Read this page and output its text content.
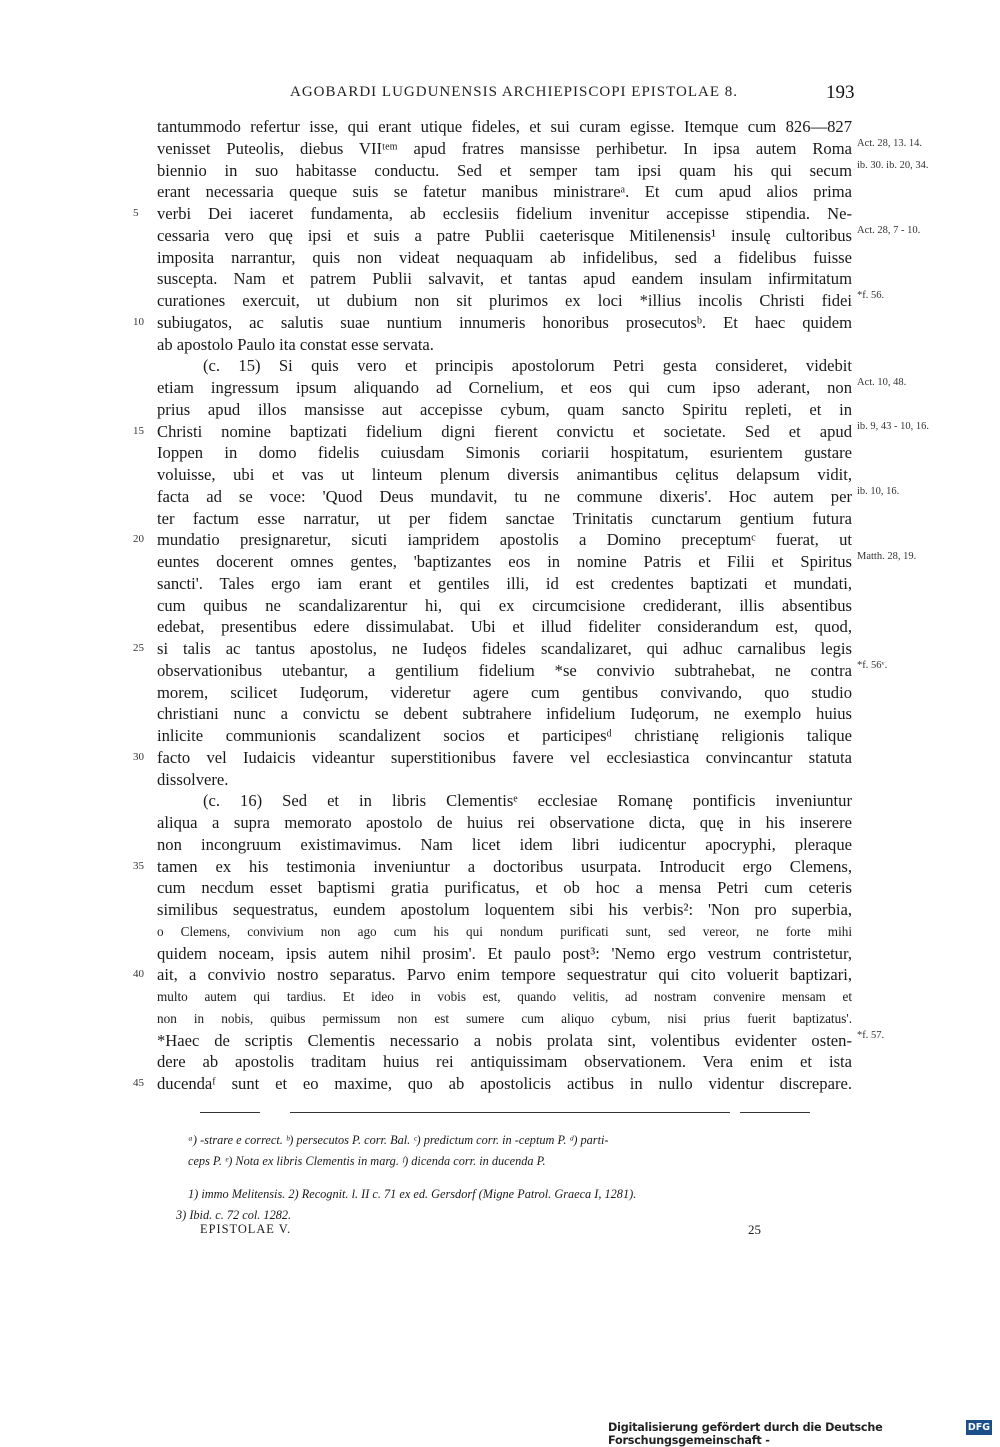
AGOBARDI LUGDUNENSIS ARCHIEPISCOPI EPISTOLAE 8.	193
tantummodo refertur isse, qui erant utique fideles, et sui curam egisse. Itemque cum 826—827
venisset Puteolis, diebus VIIᵗᵉᵐ apud fratres mansisse perhibetur. In ipsa autem Roma Act. 28, 13. 14.
biennio in suo habitasse conductu. Sed et semper tam ipsi quam his qui secum ib. 30. ib. 20, 34.
erant necessaria queque suis se fatetur manibus ministrareᵃ. Et cum apud alios prima
verbi Dei iaceret fundamenta, ab ecclesiis fidelium invenitur accepisse stipendia. Ne-
5
cessaria vero quę ipsi et suis a patre Publii caeterisque Mitilenensis¹ insulę cultoribus Act. 28, 7 - 10.
imposita narrantur, quis non videat nequaquam ab infidelibus, sed a fidelibus fuisse
suscepta. Nam et patrem Publii salvavit, et tantas apud eandem insulam infirmitatum
curationes exercuit, ut dubium non sit plurimos ex loci *illius incolis Christi fidei *f. 56.
subiugatos, ac salutis suae nuntium innumeris honoribus prosecutosᵇ. Et haec quidem
10
ab apostolo Paulo ita constat esse servata.
(c. 15) Si quis vero et principis apostolorum Petri gesta consideret, videbit
etiam ingressum ipsum aliquando ad Cornelium, et eos qui cum ipso aderant, non Act. 10, 48.
prius apud illos mansisse aut accepisse cybum, quam sancto Spiritu repleti, et in
Christi nomine baptizati fidelium digni fierent convictu et societate. Sed et apud
15	ib. 9, 43 - 10, 16.
Ioppen in domo fidelis cuiusdam Simonis coriarii hospitatum, esurientem gustare
voluisse, ubi et vas ut linteum plenum diversis animantibus cęlitus delapsum vidit,
facta ad se voce: 'Quod Deus mundavit, tu ne commune dixeris'. Hoc autem per ib. 10, 16.
ter factum esse narratur, ut per fidem sanctae Trinitatis cunctarum gentium futura
mundatio presignaretur, sicuti iampridem apostolis a Domino preceptumᶜ fuerat, ut
20
euntes docerent omnes gentes, 'baptizantes eos in nomine Patris et Filii et Spiritus Matth. 28, 19.
sancti'. Tales ergo iam erant et gentiles illi, id est credentes baptizati et mundati,
cum quibus ne scandalizarentur hi, qui ex circumcisione crediderant, illis absentibus
edebat, presentibus edere dissimulabat. Ubi et illud fideliter considerandum est, quod,
si talis ac tantus apostolus, ne Iudęos fideles scandalizaret, qui adhuc carnalibus legis
25
observationibus utebantur, a gentilium fidelium *se convivio subtrahebat, ne contra *f. 56ᵛ.
morem, scilicet Iudęorum, videretur agere cum gentibus convivando, quo studio
christiani nunc a convictu se debent subtrahere infidelium Iudęorum, ne exemplo huius
inlicite communionis scandalizent socios et participesᵈ christianę religionis talique
facto vel Iudaicis videantur superstitionibus favere vel ecclesiastica convincantur statuta
30
dissolvere.
(c. 16) Sed et in libris Clementisᵉ ecclesiae Romanę pontificis inveniuntur
aliqua a supra memorato apostolo de huius rei observatione dicta, quę in his inserere
non incongruum existimavimus. Nam licet idem libri iudicentur apocryphi, pleraque
tamen ex his testimonia inveniuntur a doctoribus usurpata. Introducit ergo Clemens,
35
cum necdum esset baptismi gratia purificatus, et ob hoc a mensa Petri cum ceteris
similibus sequestratus, eundem apostolum loquentem sibi his verbis²: 'Non pro superbia,
o Clemens, convivium non ago cum his qui nondum purificati sunt, sed vereor, ne forte mihi
quidem noceam, ipsis autem nihil prosim'. Et paulo post³: 'Nemo ergo vestrum contristetur,
ait, a convivio nostro separatus. Parvo enim tempore sequestratur qui cito voluerit baptizari,
40
multo autem qui tardius. Et ideo in vobis est, quando velitis, ad nostram convenire mensam et
non in nobis, quibus permissum non est sumere cum aliquo cybum, nisi prius fuerit baptizatus'.
*Haec de scriptis Clementis necessario a nobis prolata sint, volentibus evidenter osten- *f. 57.
dere ab apostolis traditam huius rei antiquissimam observationem. Vera enim et ista
ducendaᶠ sunt et eo maxime, quo ab apostolicis actibus in nullo videntur discrepare.
45
ᵃ) -strare e correct. ᵇ) persecutos P. corr. Bal. ᶜ) predictum corr. in -ceptum P. ᵈ) parti-
ceps P. ᵉ) Nota ex libris Clementis in marg. ᶠ) dicenda corr. in ducenda P.
1) immo Melitensis. 2) Recognit. l. II c. 71 ex ed. Gersdorf (Migne Patrol. Graeca I, 1281).
3) Ibid. c. 72 col. 1282.
EPISTOLAE V.	25
Digitalisierung gefördert durch die Deutsche Forschungsgemeinschaft -
DFG
